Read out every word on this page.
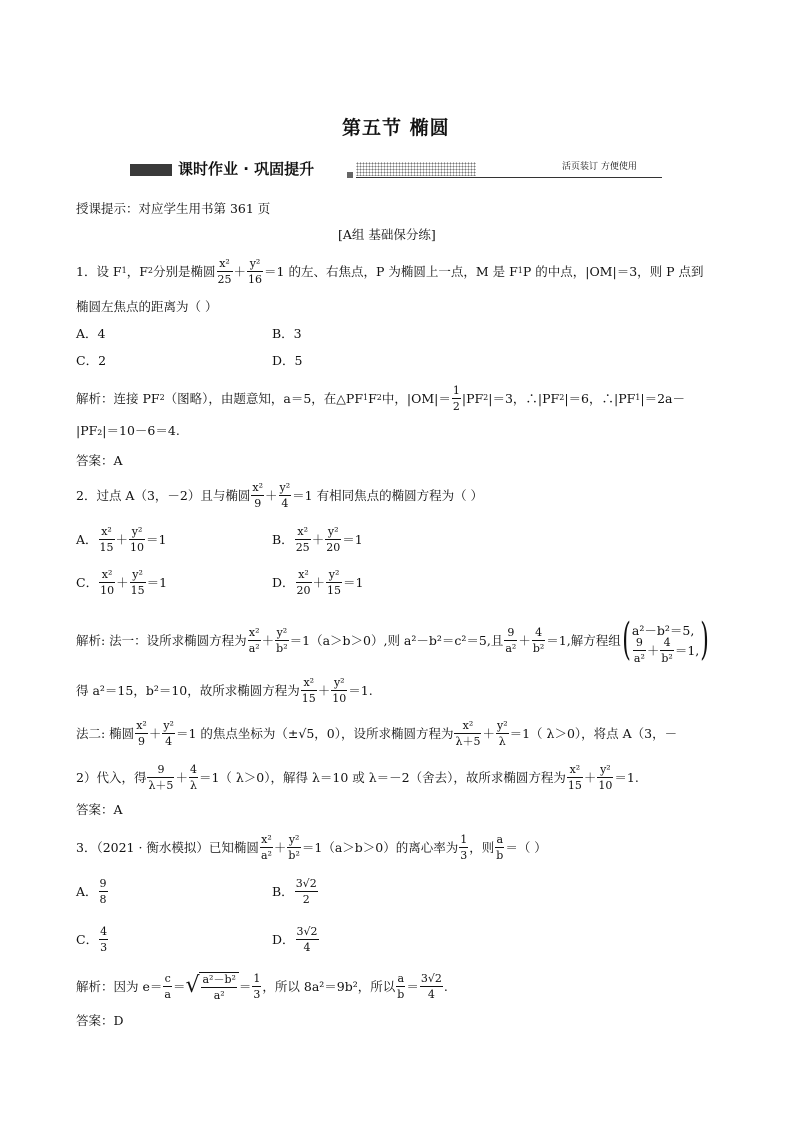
第五节 椭圆
课时作业 · 巩固提升	活页装订 方便使用
授课提示：对应学生用书第 361 页
[A组 基础保分练]
1．设 F 1 ，F 2 分别是椭圆 $\frac{\text{x²}}{25} + \frac{\text{y²}}{16} =1$ 的左、右焦点，P 为椭圆上一点，M 是 F 1 P 的中点，|OM|＝3，则 P 点到
椭圆左焦点的距离为（ ）
A．4	B．3
C．2	D．5
解析：连接 PF 2 （图略），由题意知，a＝5，在△PF 1 F 2 中，$|OM|= \frac{1}{2} |PF$ 2 |＝3，∴|PF 2 |＝6，∴|PF 1 |＝2a－
|PF₂|＝10－6＝4.
答案：A
2．过点 A（3，－2）且与椭圆 $\frac{\text{x²}}{9} + \frac{\text{y²}}{4} =1$ 有相同焦点的椭圆方程为（ ）
A． $\frac{\text{x²}}{15} + \frac{\text{y²}}{10} =1$	B． $\frac{\text{x²}}{25} + \frac{\text{y²}}{20} =1$
C． $\frac{\text{x²}}{10} + \frac{\text{y²}}{15} =1$	D． $\frac{\text{x²}}{20} + \frac{\text{y²}}{15} =1$
解析: 法一：设所求椭圆方程为 $\frac{\text{x²}}{\text{a²}} + \frac{\text{y²}}{\text{b²}} =1(a>b>0)$,则 a²－b²＝c²＝5,且 $\frac{9}{\text{a²}} + \frac{4}{\text{b²}} =1$,解方程组 ( a²－b²＝5,
$\frac{9}{\text{a²}} + \frac{4}{\text{b²}} =1$, )
得 a²＝15，b²＝10，故所求椭圆方程为 $\frac{\text{x²}}{15} + \frac{\text{y²}}{10} =1$.
法二: 椭圆 $\frac{\text{x²}}{9} + \frac{\text{y²}}{4} =1$ 的焦点坐标为（±√5，0），设所求椭圆方程为 $\frac{\text{x²}}{\lambda+5} + \frac{\text{y²}}{\lambda} =1$（ λ＞0），将点 A（3，－
2）代入，得 $\frac{9}{\lambda+5} + \frac{4}{\lambda} =1$（ λ＞0），解得 λ＝10 或 λ＝－2（舍去），故所求椭圆方程为 $\frac{\text{x²}}{15} + \frac{\text{y²}}{10} =1$.
答案：A
3．（2021 · 衡水模拟）已知椭圆 $\frac{\text{x²}}{\text{a²}} + \frac{\text{y²}}{\text{b²}} =1(a>b>0)$的离心率为 $\frac{1}{3}$ ，则 $\frac{a}{b}$ ＝（ ）
A． $\frac{9}{8}$	B． $\frac{3√2}{2}$
C． $\frac{4}{3}$	D． $\frac{3√2}{4}$
解析：因为 $e= \frac{c}{a}$ ＝ √ $\frac{\text{a²－b²}}{\text{a²}} = \frac{1}{3}$ ，所以 8a²＝9b²，所以 $\frac{a}{b} = \frac{3√2}{4}$ .
答案：D
